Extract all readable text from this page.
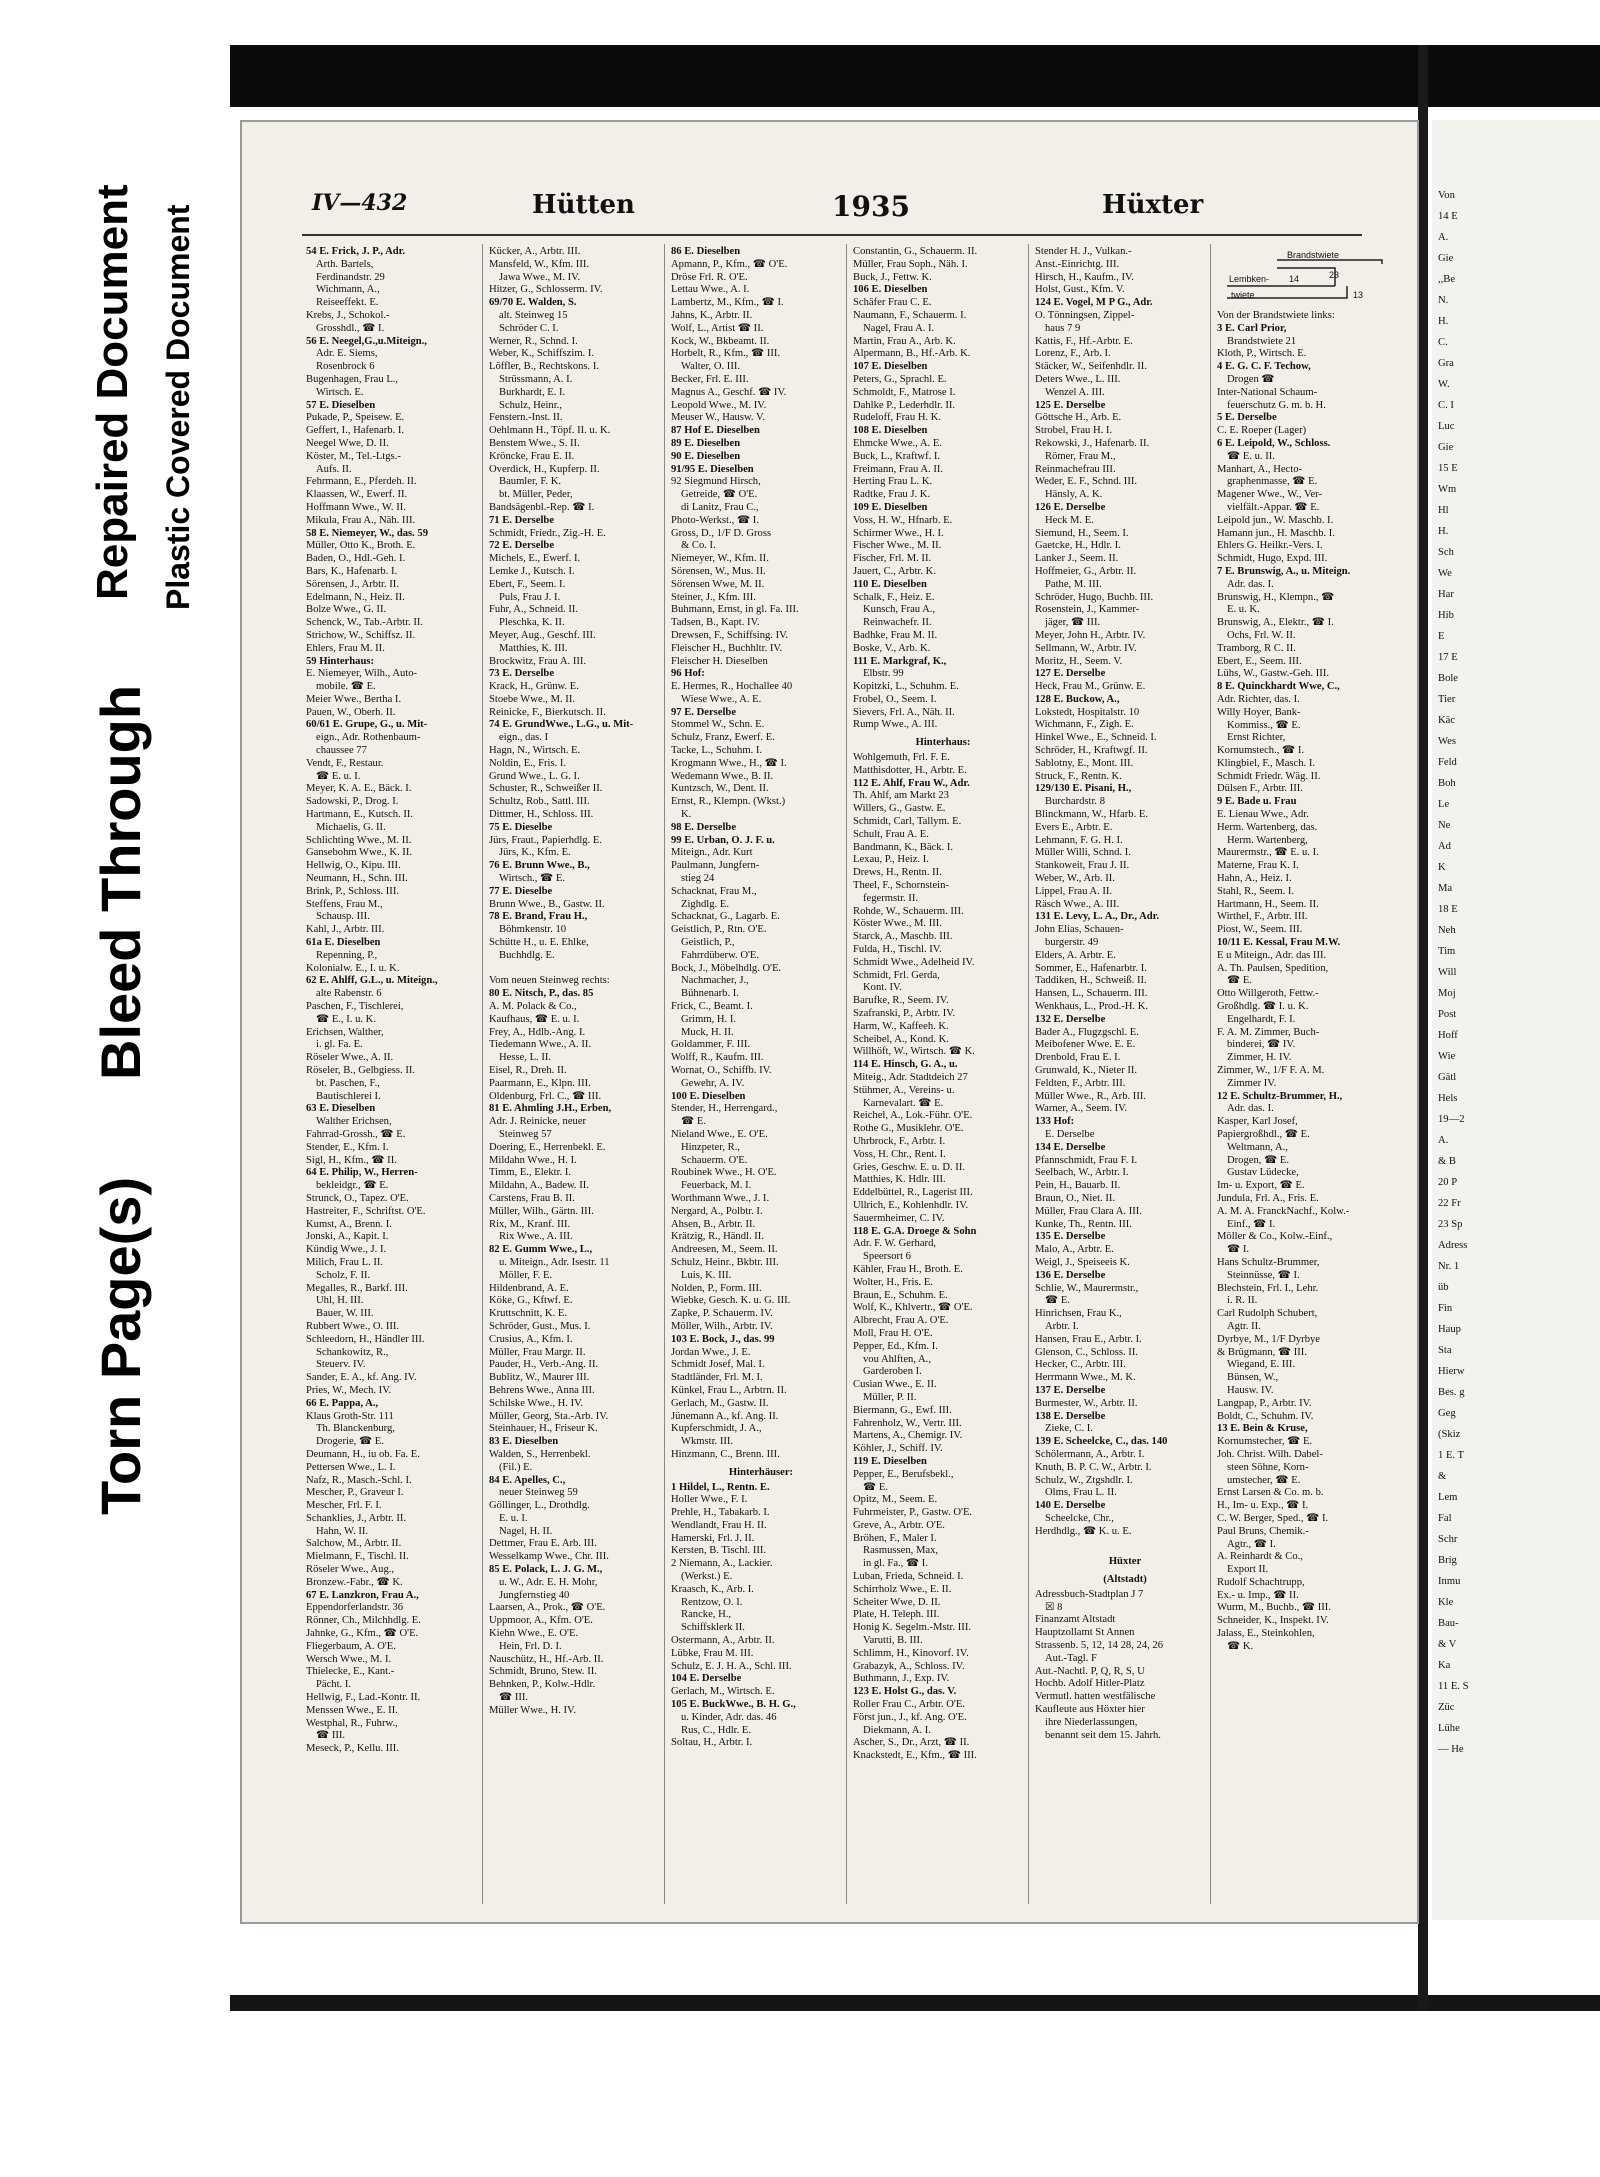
Torn Page(s)
Bleed Through
Repaired Document Plastic Covered Document
IV—432	Hütten	1935	Hüxter
54 E. Frick, J. P., Adr.
Arth. Bartels,
Ferdinandstr. 29
Wichmann, A.,
Reiseeffekt. E.
Krebs, J., Schokol.-
Grosshdl., ☎ I.
56 E. Neegel,G.,u.Miteign.,
Adr. E. Siems,
Rosenbrock 6
Bugenhagen, Frau L.,
Wirtsch. E.
57 E. Dieselben
Pukade, P., Speisew. E.
Geffert, I., Hafenarb. I.
Neegel Wwe, D. II.
Köster, M., Tel.-Ltgs.-
Aufs. II.
Fehrmann, E., Pferdeh. II.
Klaassen, W., Ewerf. II.
Hoffmann Wwe., W. II.
Mikula, Frau A., Näh. III.
58 E. Niemeyer, W., das. 59
Müller, Otto K., Broth. E.
Baden, O., Hdl.-Geh. I.
Bars, K., Hafenarb. I.
Sörensen, J., Arbtr. II.
Edelmann, N., Heiz. II.
Bolze Wwe., G. II.
Schenck, W., Tab.-Arbtr. II.
Strichow, W., Schiffsz. II.
Ehlers, Frau M. II.
59 Hinterhaus:
E. Niemeyer, Wilh., Auto-
mobile. ☎ E.
Meier Wwe., Bertha I.
Pauen, W., Oberh. II.
60/61 E. Grupe, G., u. Mit-
eign., Adr. Rothenbaum-
chaussee 77
Vendt, F., Restaur.
☎ E. u. I.
Meyer, K. A. E., Bäck. I.
Sadowski, P., Drog. I.
Hartmann, E., Kutsch. II.
Michaelis, G. II.
Schlichting Wwe., M. II.
Gansebohm Wwe., K. II.
Hellwig, O., Kipu. III.
Neumann, H., Schn. III.
Brink, P., Schloss. III.
Steffens, Frau M.,
Schausp. III.
Kahl, J., Arbtr. III.
61a E. Dieselben
Repenning, P.,
Kolonialw. E., I. u. K.
62 E. Ahlff, G.L., u. Miteign.,
alte Rabenstr. 6
Paschen, F., Tischlerei,
☎ E., I. u. K.
Erichsen, Walther,
i. gl. Fa. E.
Röseler Wwe., A. II.
Röseler, B., Gelbgiess. II.
bt. Paschen, F.,
Bautischlerei I.
63 E. Dieselben
Walther Erichsen,
Fahrrad-Grossh., ☎ E.
Stender, E., Kfm. I.
Sigl, H., Kfm., ☎ II.
64 E. Philip, W., Herren-
bekleidgr., ☎ E.
Strunck, O., Tapez. O'E.
Hastreiter, F., Schriftst. O'E.
Kumst, A., Brenn. I.
Jonski, A., Kapit. I.
Kündig Wwe., J. I.
Milich, Frau L. II.
Scholz, F. II.
Megalles, R., Barkf. III.
Uhl, H. III.
Bauer, W. III.
Rubbert Wwe., O. III.
Schleedorn, H., Händler III.
Schankowitz, R.,
Steuerv. IV.
Sander, E. A., kf. Ang. IV.
Pries, W., Mech. IV.
66 E. Pappa, A.,
Klaus Groth-Str. 111
Th. Blanckenburg,
Drogerie, ☎ E.
Deumann, H., iu ob. Fa. E.
Pettersen Wwe., L. I.
Nafz, R., Masch.-Schl. I.
Mescher, P., Graveur I.
Mescher, Frl. F. I.
Schanklies, J., Arbtr. II.
Hahn, W. II.
Salchow, M., Arbtr. II.
Mielmann, F., Tischl. II.
Röseler Wwe., Aug.,
Bronzew.-Fabr., ☎ K.
67 E. Lanzkron, Frau A.,
Eppendorferlandstr. 36
Rönner, Ch., Milchhdlg. E.
Jahnke, G., Kfm., ☎ O'E.
Fliegerbaum, A. O'E.
Wersch Wwe., M. I.
Thielecke, E., Kant.-
Pächt. I.
Hellwig, F., Lad.-Kontr. II.
Menssen Wwe., E. II.
Westphal, R., Fuhrw.,
☎ III.
Meseck, P., Kellu. III.
Kücker, A., Arbtr. III.
Mansfeld, W., Kfm. III.
Jawa Wwe., M. IV.
Hitzer, G., Schlosserm. IV.
69/70 E. Walden, S.
alt. Steinweg 15
Schröder C. I.
Werner, R., Schnd. I.
Weber, K., Schiffszim. I.
Löffler, B., Rechtskons. I.
Strüssmann, A. I.
Burkhardt, E. I.
Schulz, Heinr.,
Fenstern.-Inst. II.
Oehlmann H., Töpf. II. u. K.
Benstem Wwe., S. II.
Kröncke, Frau E. II.
Overdick, H., Kupferp. II.
Baumler, F. K.
bt. Müller, Peder,
Bandsägenbl.-Rep. ☎ I.
71 E. Derselbe
Schmidt, Friedr., Zig.-H. E.
72 E. Derselbe
Michels, E., Ewerf. I.
Lemke J., Kutsch. I.
Ebert, F., Seem. I.
Puls, Frau J. I.
Fuhr, A., Schneid. II.
Pleschka, K. II.
Meyer, Aug., Geschf. III.
Matthies, K. III.
Brockwitz, Frau A. III.
73 E. Derselbe
Krack, H., Grünw. E.
Stoebe Wwe., M. II.
Reinicke, F., Bierkutsch. II.
74 E. GrundWwe., L.G., u. Mit-
eign., das. I
Hagn, N., Wirtsch. E.
Noldin, E., Fris. I.
Grund Wwe., L. G. I.
Schuster, R., Schweißer II.
Schultz, Rob., Sattl. III.
Dittmer, H., Schloss. III.
75 E. Dieselbe
Jürs, Fraut., Papierhdlg. E.
Jürs, K., Kfm. E.
76 E. Brunn Wwe., B.,
Wirtsch., ☎ E.
77 E. Dieselbe
Brunn Wwe., B., Gastw. II.
78 E. Brand, Frau H.,
Böhmkenstr. 10
Schütte H., u. E. Ehlke,
Buchhdlg. E.

Vom neuen Steinweg rechts:
80 E. Nitsch, P., das. 85
A. M. Polack & Co.,
Kaufhaus, ☎ E. u. I.
Frey, A., Hdlb.-Ang. I.
Tiedemann Wwe., A. II.
Hesse, L. II.
Eisel, R., Dreh. II.
Paarmann, E., Klpn. III.
Oldenburg, Frl. C., ☎ III.
81 E. Ahmling J.H., Erben,
Adr. J. Reinicke, neuer
Steinweg 57
Doering, E., Herrenbekl. E.
Mildahn Wwe., H. I.
Timm, E., Elektr. I.
Mildahn, A., Badew. II.
Carstens, Frau B. II.
Müller, Wilh., Gärtn. III.
Rix, M., Kranf. III.
Rix Wwe., A. III.
82 E. Gumm Wwe., L.,
u. Miteign., Adr. Isestr. 11
Möller, F. E.
Hildenbrand, A. E.
Köke, G., Kftwf. E.
Kruttschnitt, K. E.
Schröder, Gust., Mus. I.
Crusius, A., Kfm. I.
Müller, Frau Margr. II.
Pauder, H., Verb.-Ang. II.
Bublitz, W., Maurer III.
Behrens Wwe., Anna III.
Schilske Wwe., H. IV.
Müller, Georg, Sta.-Arb. IV.
Steinhauer, H., Friseur K.
83 E. Dieselben
Walden, S., Herrenbekl.
(Fil.) E.
84 E. Apelles, C.,
neuer Steinweg 59
Göllinger, L., Drothdlg.
E. u. I.
Nagel, H. II.
Dettmer, Frau E. Arb. III.
Wesselkamp Wwe., Chr. III.
85 E. Polack, L. J. G. M.,
u. W., Adr. E. H. Mohr,
Jungfernstieg 40
Laarsen, A., Prok., ☎ O'E.
Uppmoor, A., Kfm. O'E.
Kiehn Wwe., E. O'E.
Hein, Frl. D. I.
Nauschütz, H., Hf.-Arb. II.
Schmidt, Bruno, Stew. II.
Behnken, P., Kolw.-Hdlr.
☎ III.
Müller Wwe., H. IV.
86 E. Dieselben
Apmann, P., Kfm., ☎ O'E.
Dröse Frl. R. O'E.
Lettau Wwe., A. I.
Lambertz, M., Kfm., ☎ I.
Jahns, K., Arbtr. II.
Wolf, L., Artist ☎ II.
Kock, W., Bkbeamt. II.
Horbelt, R., Kfm., ☎ III.
Walter, O. III.
Becker, Frl. E. III.
Magnus A., Geschf. ☎ IV.
Leopold Wwe., M. IV.
Meuser W., Hausw. V.
87 Hof E. Dieselben
89 E. Dieselben
90 E. Dieselben
91/95 E. Dieselben
92 Siegmund Hirsch,
Getreide, ☎ O'E.
di Lanitz, Frau C.,
Photo-Werkst., ☎ I.
Gross, D., 1/F D. Gross
& Co. I.
Niemeyer, W., Kfm. II.
Sörensen, W., Mus. II.
Sörensen Wwe, M. II.
Steiner, J., Kfm. III.
Buhmann, Ernst, in gl. Fa. III.
Tadsen, B., Kapt. IV.
Drewsen, F., Schiffsing. IV.
Fleischer H., Buchhltr. IV.
Fleischer H. Dieselben
96 Hof:
E. Hermes, R., Hochallee 40
Wiese Wwe., A. E.
97 E. Derselbe
Stommel W., Schn. E.
Schulz, Franz, Ewerf. E.
Tacke, L., Schuhm. I.
Krogmann Wwe., H., ☎ I.
Wedemann Wwe., B. II.
Kuntzsch, W., Dent. II.
Ernst, R., Klempn. (Wkst.)
K.
98 E. Derselbe
99 E. Urban, O. J. F. u.
Miteign., Adr. Kurt
Paulmann, Jungfern-
stieg 24
Schacknat, Frau M.,
Zighdlg. E.
Schacknat, G., Lagarb. E.
Geistlich, P., Rtn. O'E.
Geistlich, P.,
Fahrrdüberw. O'E.
Bock, J., Möbelhdlg. O'E.
Nachmacher, J.,
Bühnenarb. I.
Frick, C., Beamt. I.
Grimm, H. I.
Muck, H. II.
Goldammer, F. III.
Wolff, R., Kaufm. III.
Wornat, O., Schiffb. IV.
Gewehr, A. IV.
100 E. Dieselben
Stender, H., Herrengard.,
☎ E.
Nieland Wwe., E. O'E.
Hinzpeter, R.,
Schauerm. O'E.
Roubinek Wwe., H. O'E.
Feuerback, M. I.
Worthmann Wwe., J. I.
Nergard, A., Polbtr. I.
Ahsen, B., Arbtr. II.
Krätzig, R., Händl. II.
Andreesen, M., Seem. II.
Schulz, Heinr., Bkbtr. III.
Luis, K. III.
Nolden, P., Form. III.
Wiebke, Gesch. K. u. G. III.
Zapke, P. Schauerm. IV.
Möller, Wilh., Arbtr. IV.
103 E. Bock, J., das. 99
Jordan Wwe., J. E.
Schmidt Josef, Mal. I.
Stadtländer, Frl. M. I.
Künkel, Frau L., Arbtrn. II.
Gerlach, M., Gastw. II.
Jünemann A., kf. Ang. II.
Kupferschmidt, J. A.,
Wkmstr. III.
Hinzmann, C., Brenn. III.
Hinterhäuser:
1 Hildel, L., Rentn. E.
Holler Wwe., F. I.
Prehle, H., Tabakarb. I.
Wendlandt, Frau H. II.
Hamerski, Frl. J. II.
Kersten, B. Tischl. III.
2 Niemann, A., Lackier.
(Werkst.) E.
Kraasch, K., Arb. I.
Rentzow, O. I.
Rancke, H.,
Schiffsklerk II.
Ostermann, A., Arbtr. II.
Lübke, Frau M. III.
Schulz, E. J. H. A., Schl. III.
104 E. Derselbe
Gerlach, M., Wirtsch. E.
105 E. BuckWwe., B. H. G.,
u. Kinder, Adr. das. 46
Rus, C., Hdlr. E.
Soltau, H., Arbtr. I.
Constantin, G., Schauerm. II.
Müller, Frau Soph., Näh. I.
Buck, J., Fettw. K.
106 E. Dieselben
Schäfer Frau C. E.
Naumann, F., Schauerm. I.
Nagel, Frau A. I.
Martin, Frau A., Arb. K.
Alpermann, B., Hf.-Arb. K.
107 E. Dieselben
Peters, G., Sprachl. E.
Schmoldt, F., Matrose I.
Dahlke P., Lederhdlr. II.
Rudeloff, Frau H. K.
108 E. Dieselben
Ehmcke Wwe., A. E.
Buck, L., Kraftwf. I.
Freimann, Frau A. II.
Herting Frau L. K.
Radtke, Frau J. K.
109 E. Dieselben
Voss, H. W., Hfnarb. E.
Schirmer Wwe., H. I.
Fischer Wwe., M. II.
Fischer, Frl. M. II.
Jauert, C., Arbtr. K.
110 E. Dieselben
Schalk, F., Heiz. E.
Kunsch, Frau A.,
Reinwachefr. II.
Badhke, Frau M. II.
Boske, V., Arb. K.
111 E. Markgraf, K.,
Elbstr. 99
Kopitzki, L., Schuhm. E.
Frobel, O., Seem. I.
Sievers, Frl. A., Näh. II.
Rump Wwe., A. III.
Hinterhaus:
Wohlgemuth, Frl. F. E.
Matthisdotter, H., Arbtr. E.
112 E. Ahlf, Frau W., Adr.
Th. Ahlf, am Markt 23
Willers, G., Gastw. E.
Schmidt, Carl, Tallym. E.
Schult, Frau A. E.
Bandmann, K., Bäck. I.
Lexau, P., Heiz. I.
Drews, H., Rentn. II.
Theel, F., Schornstein-
fegermstr. II.
Rohde, W., Schauerm. III.
Köster Wwe., M. III.
Starck, A., Maschb. III.
Fulda, H., Tischl. IV.
Schmidt Wwe., Adelheid IV.
Schmidt, Frl. Gerda,
Kont. IV.
Barufke, R., Seem. IV.
Szafranski, P., Arbtr. IV.
Harm, W., Kaffeeh. K.
Scheibel, A., Kond. K.
Willhöft, W., Wirtsch. ☎ K.
114 E. Hinsch, G. A., u.
Miteig., Adr. Stadtdeich 27
Stühmer, A., Vereins- u.
Karnevalart. ☎ E.
Reichel, A., Lok.-Führ. O'E.
Rothe G., Musiklehr. O'E.
Uhrbrock, F., Arbtr. I.
Voss, H. Chr., Rent. I.
Gries, Geschw. E. u. D. II.
Matthies, K. Hdlr. III.
Eddelbüttel, R., Lagerist III.
Ullrich, E., Kohlenhdlr. IV.
Sauermheimer, C. IV.
118 E. G.A. Droege & Sohn
Adr. F. W. Gerhard,
Speersort 6
Kähler, Frau H., Broth. E.
Wolter, H., Fris. E.
Braun, E., Schuhm. E.
Wolf, K., Khlvertr., ☎ O'E.
Albrecht, Frau A. O'E.
Moll, Frau H. O'E.
Pepper, Ed., Kfm. I.
vou Ahlften, A.,
Garderoben I.
Cusian Wwe., E. II.
Müller, P. II.
Biermann, G., Ewf. III.
Fahrenholz, W., Vertr. III.
Martens, A., Chemigr. IV.
Köhler, J., Schiff. IV.
119 E. Dieselben
Pepper, E., Berufsbekl.,
☎ E.
Opitz, M., Seem. E.
Fuhrmeister, P., Gastw. O'E.
Greve, A., Arbtr. O'E.
Bröhen, F., Maler I.
Rasmussen, Max,
in gl. Fa., ☎ I.
Luban, Frieda, Schneid. I.
Schirrholz Wwe., E. II.
Scheiter Wwe, D. II.
Plate, H. Teleph. III.
Honig K. Segelm.-Mstr. III.
Varutti, B. III.
Schlimm, H., Kinovorf. IV.
Grabazyk, A., Schloss. IV.
Buthmann, J., Exp. IV.
123 E. Holst G., das. V.
Roller Frau C., Arbtr. O'E.
Först jun., J., kf. Ang. O'E.
Diekmann, A. I.
Ascher, S., Dr., Arzt, ☎ II.
Knackstedt, E., Kfm., ☎ III.
Stender H. J., Vulkan.-
Anst.-Einrichtg. III.
Hirsch, H., Kaufm., IV.
Holst, Gust., Kfm. V.
124 E. Vogel, M P G., Adr.
O. Tönningsen, Zippel-
haus 7 9
Kattis, F., Hf.-Arbtr. E.
Lorenz, F., Arb. I.
Stäcker, W., Seifenhdlr. II.
Deters Wwe., L. III.
Wenzel A. III.
125 E. Derselbe
Göttsche H., Arb. E.
Strobel, Frau H. I.
Rekowski, J., Hafenarb. II.
Römer, Frau M.,
Reinmachefrau III.
Weder, E. F., Schnd. III.
Hänsly, A. K.
126 E. Derselbe
Heck M. E.
Siemund, H., Seem. I.
Gaetcke, H., Hdlr. I.
Lanker J., Seem. II.
Hoffmeier, G., Arbtr. II.
Pathe, M. III.
Schröder, Hugo, Buchb. III.
Rosenstein, J., Kammer-
jäger, ☎ III.
Meyer, John H., Arbtr. IV.
Sellmann, W., Arbtr. IV.
Moritz, H., Seem. V.
127 E. Derselbe
Heck, Frau M., Grünw. E.
128 E. Buckow, A.,
Lokstedt, Hospitalstr. 10
Wichmann, F., Zigh. E.
Hinkel Wwe., E., Schneid. I.
Schröder, H., Kraftwgf. II.
Sablotny, E., Mont. III.
Struck, F., Rentn. K.
129/130 E. Pisani, H.,
Burchardstr. 8
Blinckmann, W., Hfarb. E.
Evers E., Arbtr. E.
Lehmann, F. G. H. I.
Müller Willi, Schnd. I.
Stankoweit, Frau J. II.
Weber, W., Arb. II.
Lippel, Frau A. II.
Räsch Wwe., A. III.
131 E. Levy, L. A., Dr., Adr.
John Elias, Schauen-
burgerstr. 49
Elders, A. Arbtr. E.
Sommer, E., Hafenarbtr. I.
Taddiken, H., Schweiß. II.
Hansen, L., Schauerm. III.
Wenkhaus, L., Prod.-H. K.
132 E. Derselbe
Bader A., Flugzgschl. E.
Meibofener Wwe. E. E.
Drenbold, Frau E. I.
Grunwald, K., Nieter II.
Feldten, F., Arbtr. III.
Müller Wwe., R., Arb. III.
Warner, A., Seem. IV.
133 Hof:
E. Derselbe
134 E. Derselbe
Pfannschmidt, Frau F. I.
Seelbach, W., Arbtr. I.
Pein, H., Bauarb. II.
Braun, O., Niet. II.
Müller, Frau Clara A. III.
Kunke, Th., Rentn. III.
135 E. Derselbe
Malo, A., Arbtr. E.
Weigl, J., Speiseeis K.
136 E. Derselbe
Schlie, W., Maurermstr.,
☎ E.
Hinrichsen, Frau K.,
Arbtr. I.
Hansen, Frau E., Arbtr. I.
Glenson, C., Schloss. II.
Hecker, C., Arbtr. III.
Herrmann Wwe., M. K.
137 E. Derselbe
Burmester, W., Arbtr. II.
138 E. Derselbe
Zieke, C. I.
139 E. Scheelcke, C., das. 140
Schölermann, A., Arbtr. I.
Knuth, B. P. C. W., Arbtr. I.
Schulz, W., Ztgshdlr. I.
Olms, Frau L. II.
140 E. Derselbe
Scheelcke, Chr.,
Herdhdlg., ☎ K. u. E.

Hüxter
(Altstadt)
Adressbuch-Stadtplan J 7
☒ 8
Finanzamt Altstadt
Hauptzollamt St Annen
Strassenb. 5, 12, 14 28, 24, 26
Aut.-Tagl. F
Aut.-Nachtl. P, Q, R, S, U
Hochb. Adolf Hitler-Platz
Vermutl. hatten westfälische
Kaufleute aus Höxter hier
ihre Niederlassungen,
benannt seit dem 15. Jahrh.
Brandstwiete
23
Lembken- 14
twiete	13
Von der Brandstwiete links:
3 E. Carl Prior,
Brandstwiete 21
Kloth, P., Wirtsch. E.
4 E. G. C. F. Techow,
Drogen ☎
Inter-National Schaum-
feuerschutz G. m. b. H.
5 E. Derselbe
C. E. Roeper (Lager)
6 E. Leipold, W., Schloss.
☎ E. u. II.
Manhart, A., Hecto-
graphenmasse, ☎ E.
Magener Wwe., W., Ver-
vielfält.-Appar. ☎ E.
Leipold jun., W. Maschb. I.
Hamann jun., H. Maschb. I.
Ehlers G. Heilkr.-Vers. I.
Schmidt, Hugo, Expd. III.
7 E. Brunswig, A., u. Miteign.
Adr. das. I.
Brunswig, H., Klempn., ☎
E. u. K.
Brunswig, A., Elektr., ☎ I.
Ochs, Frl. W. II.
Tramborg, R C. II.
Ebert, E., Seem. III.
Lühs, W., Gastw.-Geh. III.
8 E. Quinckhardt Wwe, C.,
Adr. Richter, das. I.
Willy Hoyer, Bank-
Kommiss., ☎ E.
Ernst Richter,
Kornumstech., ☎ I.
Klingbiel, F., Masch. I.
Schmidt Friedr. Wäg. II.
Dülsen F., Arbtr. III.
9 E. Bade u. Frau
E. Lienau Wwe., Adr.
Herm. Wartenberg, das.
Herm. Wartenberg,
Maurermstr., ☎ E. u. I.
Materne, Frau K. I.
Hahn, A., Heiz. I.
Stahl, R., Seem. I.
Hartmann, H., Seem. II.
Wirthel, F., Arbtr. III.
Piost, W., Seem. III.
10/11 E. Kessal, Frau M.W.
E u Miteign., Adr. das III.
A. Th. Paulsen, Spedition,
☎ E.
Otto Willgeroth, Fettw.-
Großhdlg. ☎ I. u. K.
Engelhardt, F. I.
F. A. M. Zimmer, Buch-
binderei, ☎ IV.
Zimmer, H. IV.
Zimmer, W., 1/F F. A. M.
Zimmer IV.
12 E. Schultz-Brummer, H.,
Adr. das. I.
Kasper, Karl Josef,
Papiergroßhdl., ☎ E.
Weltmann, A.,
Drogen, ☎ E.
Gustav Lüdecke,
Im- u. Export, ☎ E.
Jundula, Frl. A., Fris. E.
A. M. A. FranckNachf., Kolw.-
Einf., ☎ I.
Möller & Co., Kolw.-Einf.,
☎ I.
Hans Schultz-Brummer,
Steinnüsse, ☎ I.
Blechstein, Frl. I., Lehr.
i. R. II.
Carl Rudolph Schubert,
Agtr. II.
Dyrbye, M., 1/F Dyrbye
& Brügmann, ☎ III.
Wiegand, E. III.
Bünsen, W.,
Hausw. IV.
Langpap, P., Arbtr. IV.
Boldt, C., Schuhm. IV.
13 E. Bein & Kruse,
Kornumstecher, ☎ E.
Joh. Christ. Wilh. Dabel-
steen Söhne, Korn-
umstecher, ☎ E.
Ernst Larsen & Co. m. b.
H., Im- u. Exp., ☎ I.
C. W. Berger, Sped., ☎ I.
Paul Bruns, Chemik.-
Agtr., ☎ I.
A. Reinhardt & Co.,
Export II.
Rudolf Schachtrupp,
Ex.- u. Imp., ☎ II.
Wurm, M., Buchb., ☎ III.
Schneider, K., Inspekt. IV.
Jalass, E., Steinkohlen,
☎ K.
Von
14 E
A.
Gie
,,Be
N.
H.
C.
Gra
W.
C. I
Luc
Gie
15 E
Wm
Hl
H.
Sch
We
Har
Hib
E
17 E
Bole
Tier
Käc
Wes
Feld
Boh
Le
Ne
Ad
K
Ma
18 E
Neh
Tim
Will
Moj
Post
Hoff
Wie
Gätl
Hels
19—2
A.
& B
20 P
22 Fr
23 Sp
Adress
Nr. 1
üb
Fin
Haup
Sta
Hierw
Bes. g
Geg
(Skiz
1 E. T
&
Lem
Fal
Schr
Brig
Inmu
Kle
Bau-
& V
Ka
11 E. S
Züc
Lühe
— He
